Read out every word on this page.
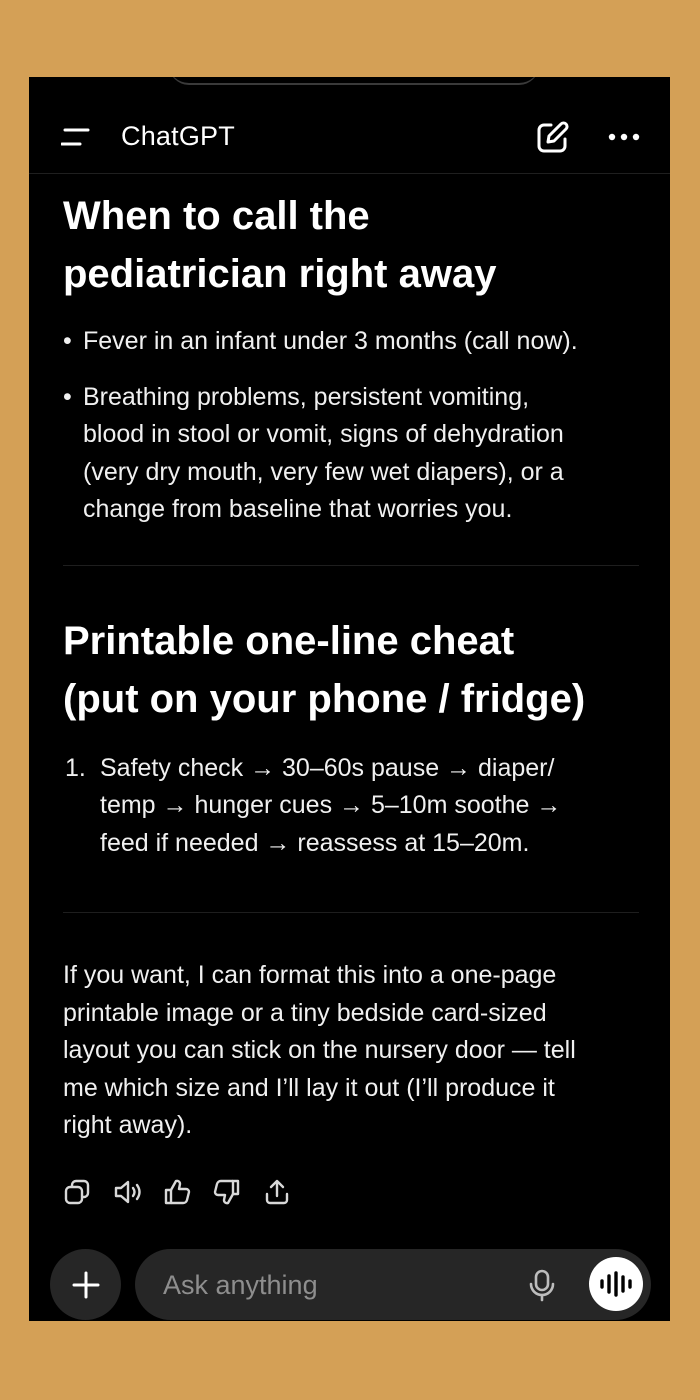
ChatGPT
When to call the
pediatrician right away
• Fever in an infant under 3 months (call now).
• Breathing problems, persistent vomiting,
blood in stool or vomit, signs of dehydration
(very dry mouth, very few wet diapers), or a
change from baseline that worries you.
Printable one-line cheat
(put on your phone / fridge)
1. Safety check → 30–60s pause → diaper/
temp → hunger cues → 5–10m soothe →
feed if needed → reassess at 15–20m.

If you want, I can format this into a one-page
printable image or a tiny bedside card-sized
layout you can stick on the nursery door — tell
me which size and I’ll lay it out (I’ll produce it
right away).

Ask anything
